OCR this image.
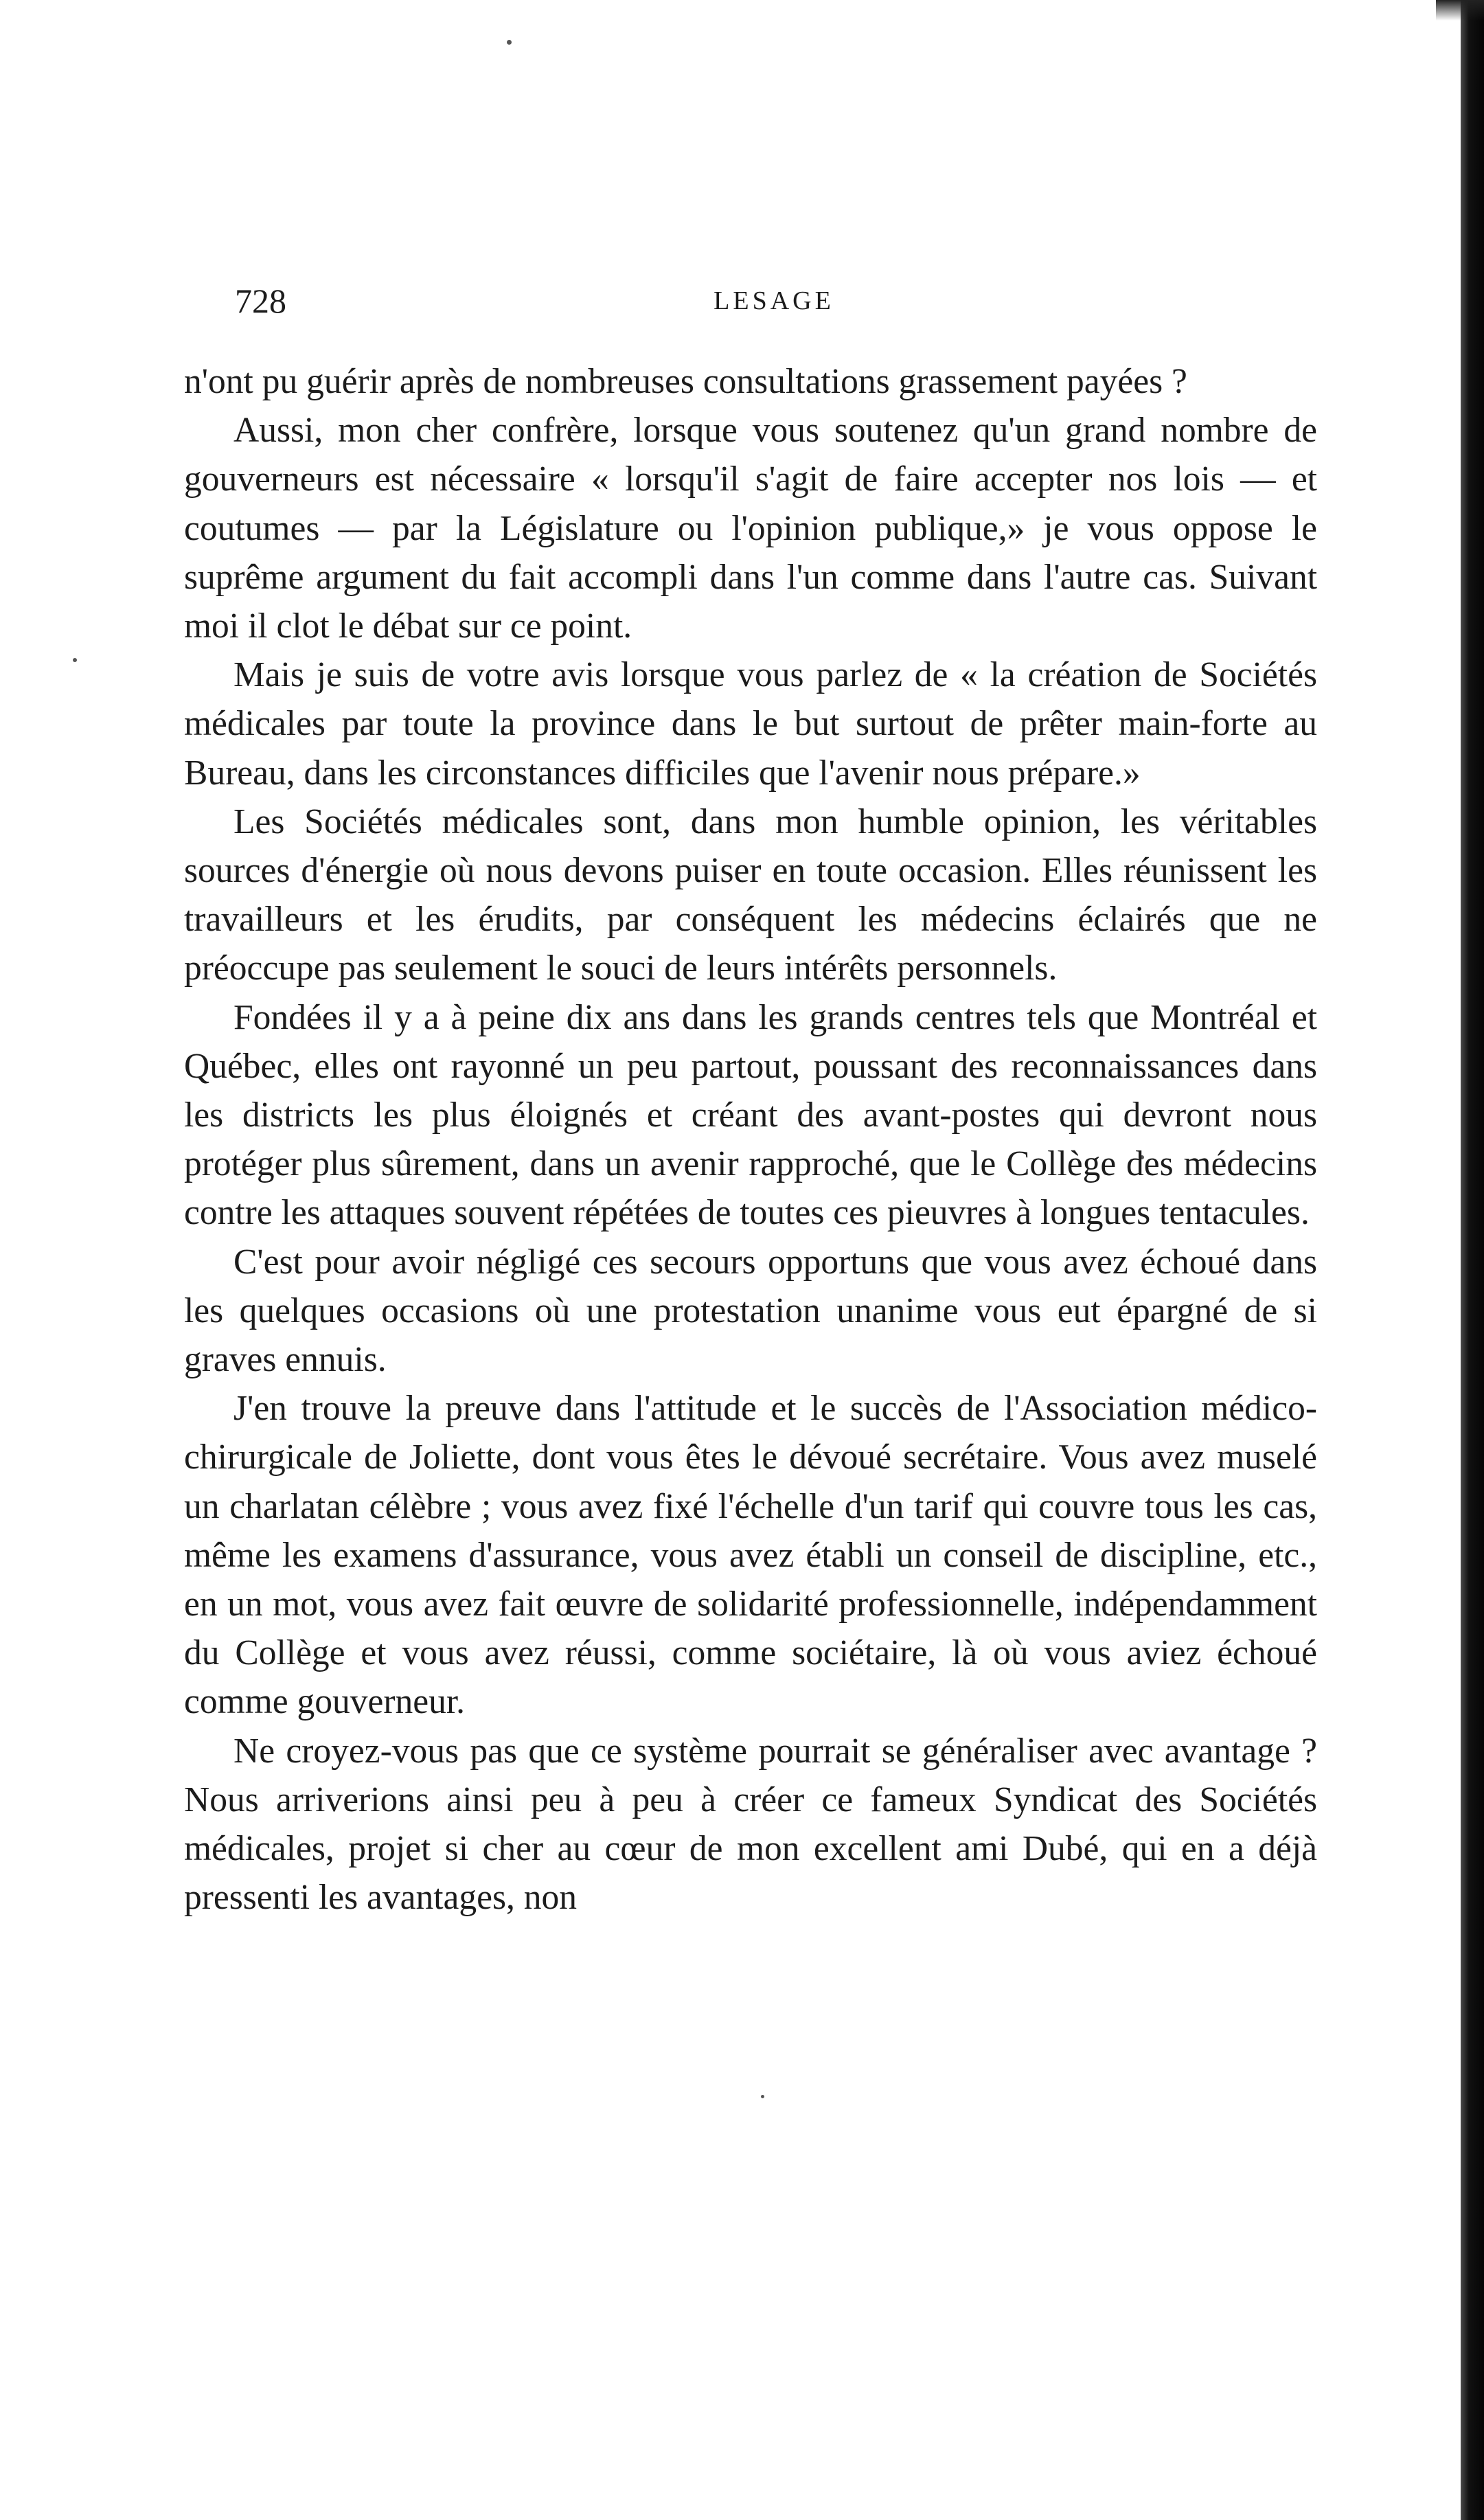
728	LESAGE

n'ont pu guérir après de nombreuses consultations grassement payées ?

Aussi, mon cher confrère, lorsque vous soutenez qu'un grand nombre de gouverneurs est nécessaire « lorsqu'il s'agit de faire accepter nos lois — et coutumes — par la Législature ou l'opinion publique,» je vous oppose le suprême argument du fait accompli dans l'un comme dans l'autre cas. Suivant moi il clot le débat sur ce point.

Mais je suis de votre avis lorsque vous parlez de « la création de Sociétés médicales par toute la province dans le but surtout de prêter main-forte au Bureau, dans les circonstances difficiles que l'avenir nous prépare.»

Les Sociétés médicales sont, dans mon humble opinion, les véritables sources d'énergie où nous devons puiser en toute occasion. Elles réunissent les travailleurs et les érudits, par conséquent les médecins éclairés que ne préoccupe pas seulement le souci de leurs intérêts personnels.

Fondées il y a à peine dix ans dans les grands centres tels que Montréal et Québec, elles ont rayonné un peu partout, poussant des reconnaissances dans les districts les plus éloignés et créant des avant-postes qui devront nous protéger plus sûrement, dans un avenir rapproché, que le Collège des médecins contre les attaques souvent répétées de toutes ces pieuvres à longues tentacules.

C'est pour avoir négligé ces secours opportuns que vous avez échoué dans les quelques occasions où une protestation unanime vous eut épargné de si graves ennuis.

J'en trouve la preuve dans l'attitude et le succès de l'Association médico-chirurgicale de Joliette, dont vous êtes le dévoué secrétaire. Vous avez muselé un charlatan célèbre ; vous avez fixé l'échelle d'un tarif qui couvre tous les cas, même les examens d'assurance, vous avez établi un conseil de discipline, etc., en un mot, vous avez fait œuvre de solidarité professionnelle, indépendamment du Collège et vous avez réussi, comme sociétaire, là où vous aviez échoué comme gouverneur.

Ne croyez-vous pas que ce système pourrait se généraliser avec avantage ? Nous arriverions ainsi peu à peu à créer ce fameux Syndicat des Sociétés médicales, projet si cher au cœur de mon excellent ami Dubé, qui en a déjà pressenti les avantages, non
